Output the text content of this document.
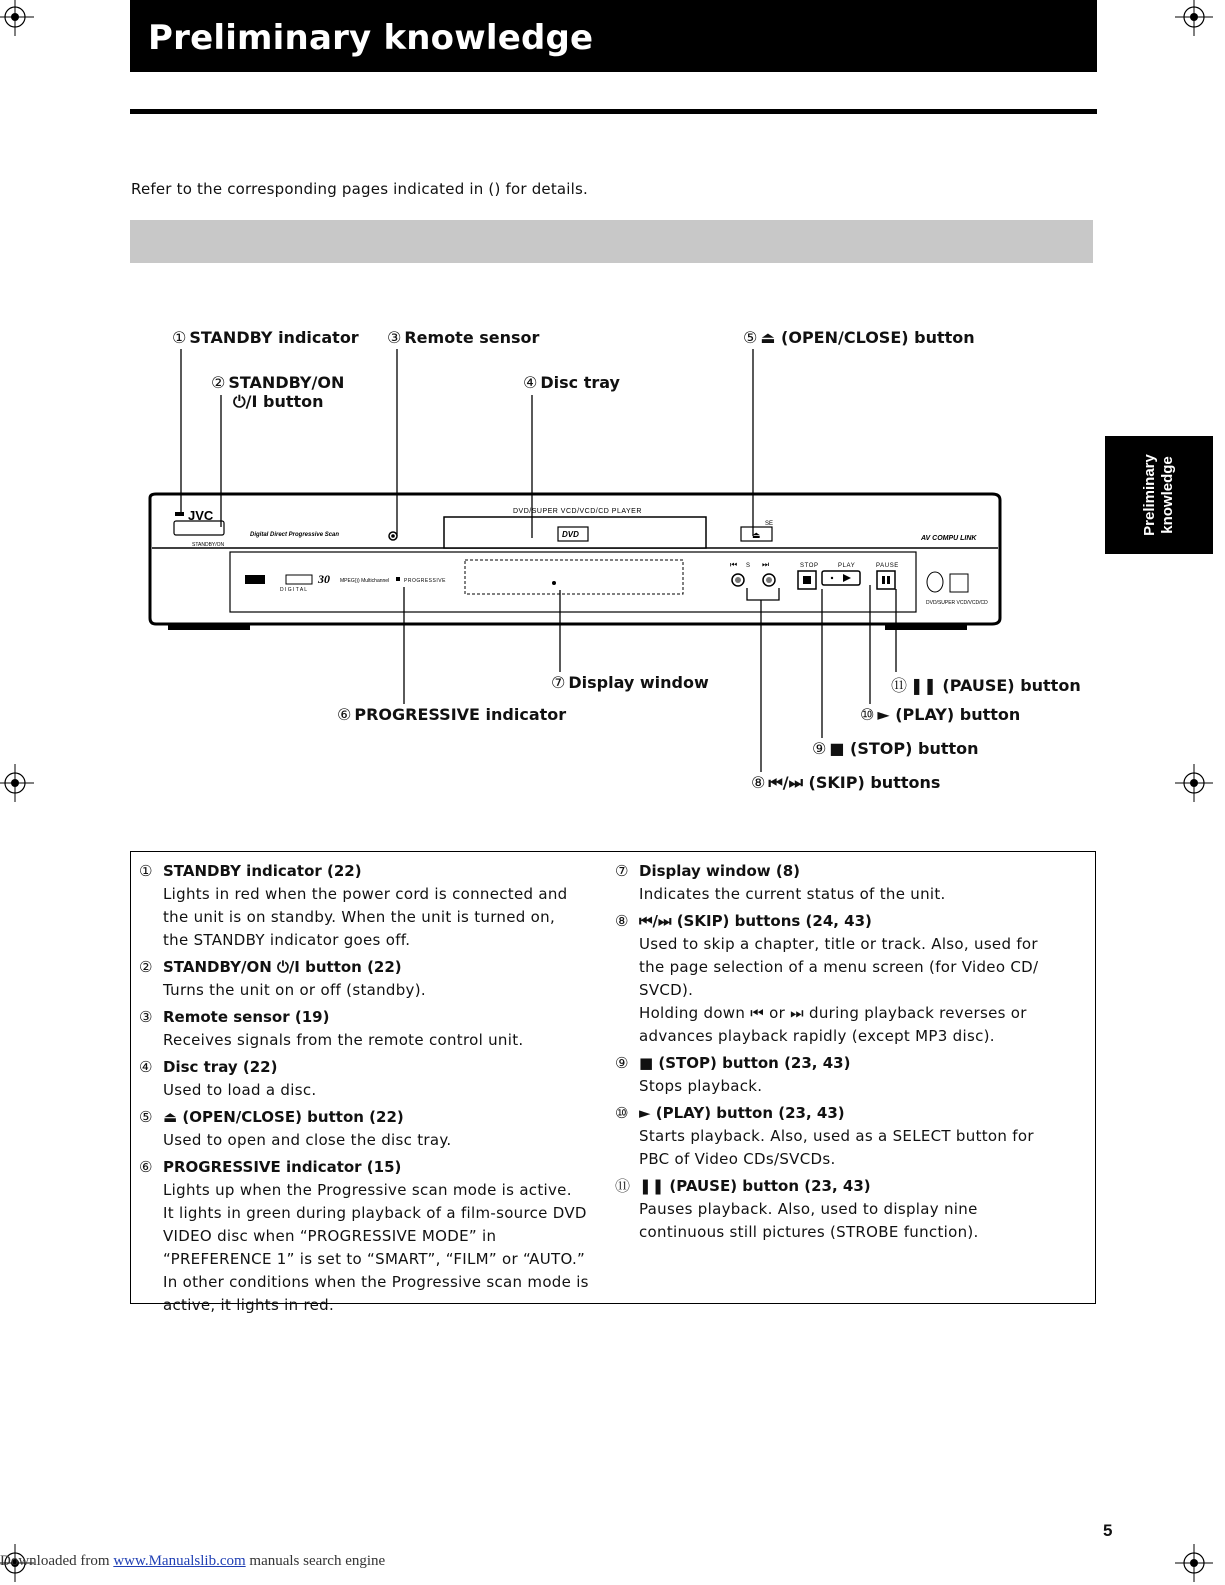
Preliminary knowledge
Refer to the corresponding pages indicated in () for details.
Preliminary knowledge
JVC
STANDBY/ON
Digital Direct Progressive Scan
DVD/SUPER VCD/VCD/CD PLAYER
DVD	⏏
SE
AV COMPU LINK
D I G I T A L
30 MPEG))) Multichannel	PROGRESSIVE
⏮ S ⏭	STOP	PLAY	PAUSE
DVD/SUPER VCD/VCD/CD
① STANDBY indicator
② STANDBY/ON
⏻/I button
③ Remote sensor
④ Disc tray
⑤ ⏏ (OPEN/CLOSE) button
⑥ PROGRESSIVE indicator
⑦ Display window
⑧ ⏮/⏭ (SKIP) buttons
⑨ ■ (STOP) button
⑩ ► (PLAY) button
⑪ ❚❚ (PAUSE) button
① STANDBY indicator (22)
Lights in red when the power cord is connected and
the unit is on standby. When the unit is turned on,
the STANDBY indicator goes off.
② STANDBY/ON ⏻/I button (22)
Turns the unit on or off (standby).
③ Remote sensor (19)
Receives signals from the remote control unit.
④ Disc tray (22)
Used to load a disc.
⑤ ⏏ (OPEN/CLOSE) button (22)
Used to open and close the disc tray.
⑥ PROGRESSIVE indicator (15)
Lights up when the Progressive scan mode is active.
It lights in green during playback of a film-source DVD
VIDEO disc when “PROGRESSIVE MODE” in
“PREFERENCE 1” is set to “SMART”, “FILM” or “AUTO.”
In other conditions when the Progressive scan mode is
active, it lights in red.
⑦ Display window (8)
Indicates the current status of the unit.
⑧ ⏮/⏭ (SKIP) buttons (24, 43)
Used to skip a chapter, title or track. Also, used for
the page selection of a menu screen (for Video CD/
SVCD).
Holding down ⏮ or ⏭ during playback reverses or
advances playback rapidly (except MP3 disc).
⑨ ■ (STOP) button (23, 43)
Stops playback.
⑩ ► (PLAY) button (23, 43)
Starts playback. Also, used as a SELECT button for
PBC of Video CDs/SVCDs.
⑪ ❚❚ (PAUSE) button (23, 43)
Pauses playback. Also, used to display nine
continuous still pictures (STROBE function).
5
Downloaded from www.Manualslib.com manuals search engine
